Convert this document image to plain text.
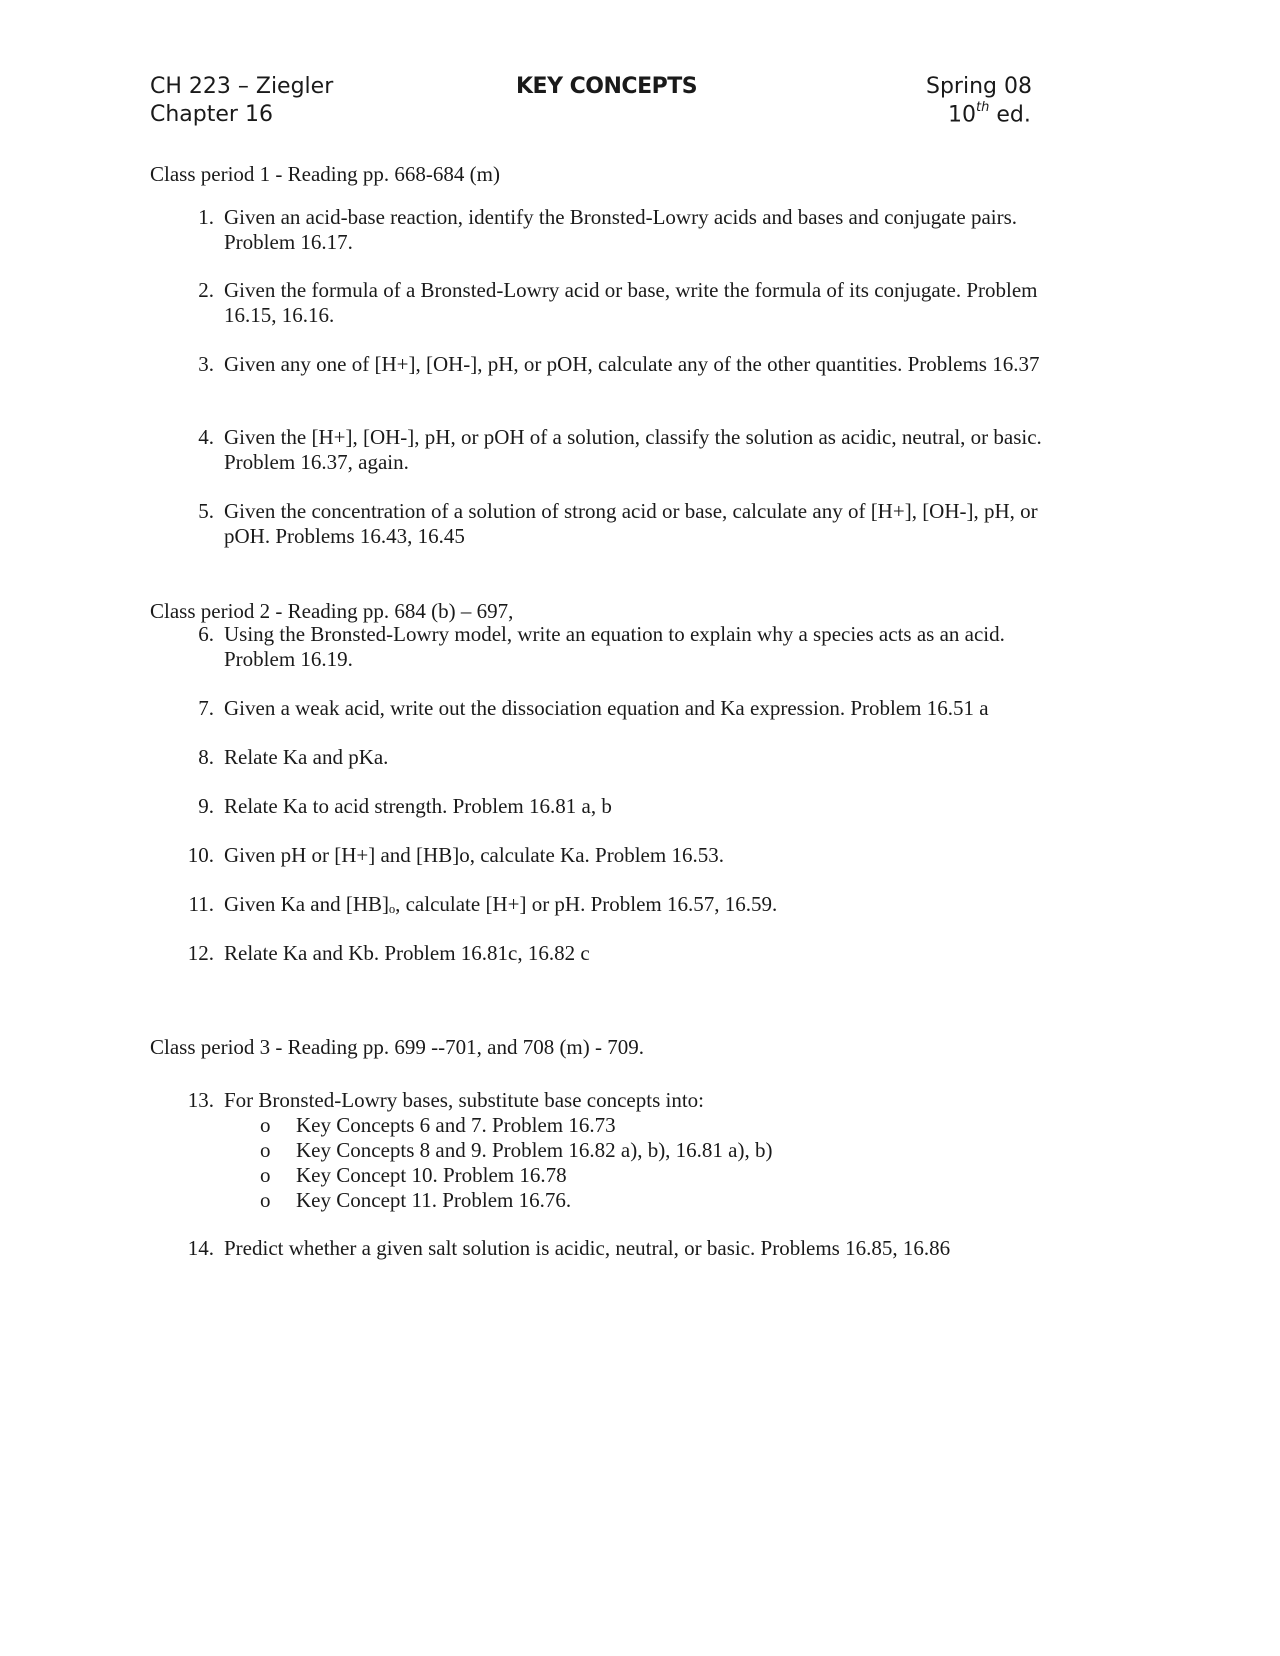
CH 223 – Ziegler
Chapter 16
KEY CONCEPTS	Spring 08
10th ed.

Class period 1 - Reading pp. 668-684 (m)

1. Given an acid-base reaction, identify the Bronsted-Lowry acids and bases and conjugate pairs. Problem 16.17.
2. Given the formula of a Bronsted-Lowry acid or base, write the formula of its conjugate. Problem 16.15, 16.16.
3. Given any one of [H+], [OH-], pH, or pOH, calculate any of the other quantities. Problems 16.37
4. Given the [H+], [OH-], pH, or pOH of a solution, classify the solution as acidic, neutral, or basic. Problem 16.37, again.
5. Given the concentration of a solution of strong acid or base, calculate any of [H+], [OH-], pH, or pOH. Problems 16.43, 16.45

Class period 2 - Reading pp. 684 (b) – 697,

6. Using the Bronsted-Lowry model, write an equation to explain why a species acts as an acid. Problem 16.19.
7. Given a weak acid, write out the dissociation equation and Ka expression. Problem 16.51 a
8. Relate Ka and pKa.
9. Relate Ka to acid strength. Problem 16.81 a, b
10. Given pH or [H+] and [HB]o, calculate Ka. Problem 16.53.
11. Given Ka and [HB]ₒ, calculate [H+] or pH. Problem 16.57, 16.59.
12. Relate Ka and Kb. Problem 16.81c, 16.82 c

Class period 3 - Reading pp. 699 --701, and 708 (m) - 709.

13. For Bronsted-Lowry bases, substitute base concepts into:
o Key Concepts 6 and 7. Problem 16.73
o Key Concepts 8 and 9. Problem 16.82 a), b), 16.81 a), b)
o Key Concept 10. Problem 16.78
o Key Concept 11. Problem 16.76.
14. Predict whether a given salt solution is acidic, neutral, or basic. Problems 16.85, 16.86
